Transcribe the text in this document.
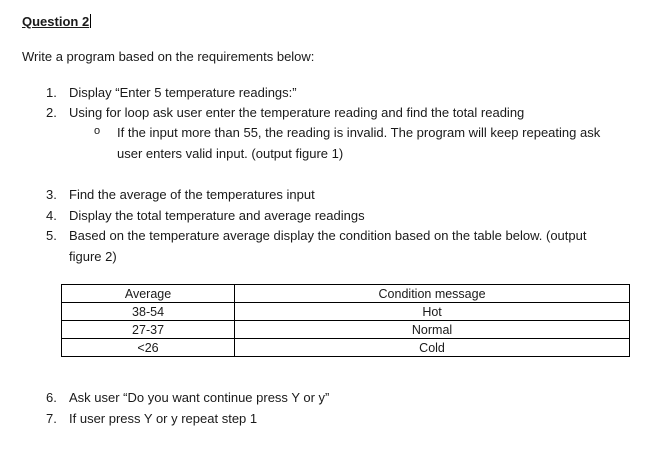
Question 2
Write a program based on the requirements below:
1. Display “Enter 5 temperature readings:”
2. Using for loop ask user enter the temperature reading and find the total reading
o If the input more than 55, the reading is invalid. The program will keep repeating ask
user enters valid input. (output figure 1)
3. Find the average of the temperatures input
4. Display the total temperature and average readings
5. Based on the temperature average display the condition based on the table below. (output
figure 2)
Average	Condition message
38-54	Hot
27-37	Normal
<26	Cold
6. Ask user “Do you want continue press Y or y”
7. If user press Y or y repeat step 1
